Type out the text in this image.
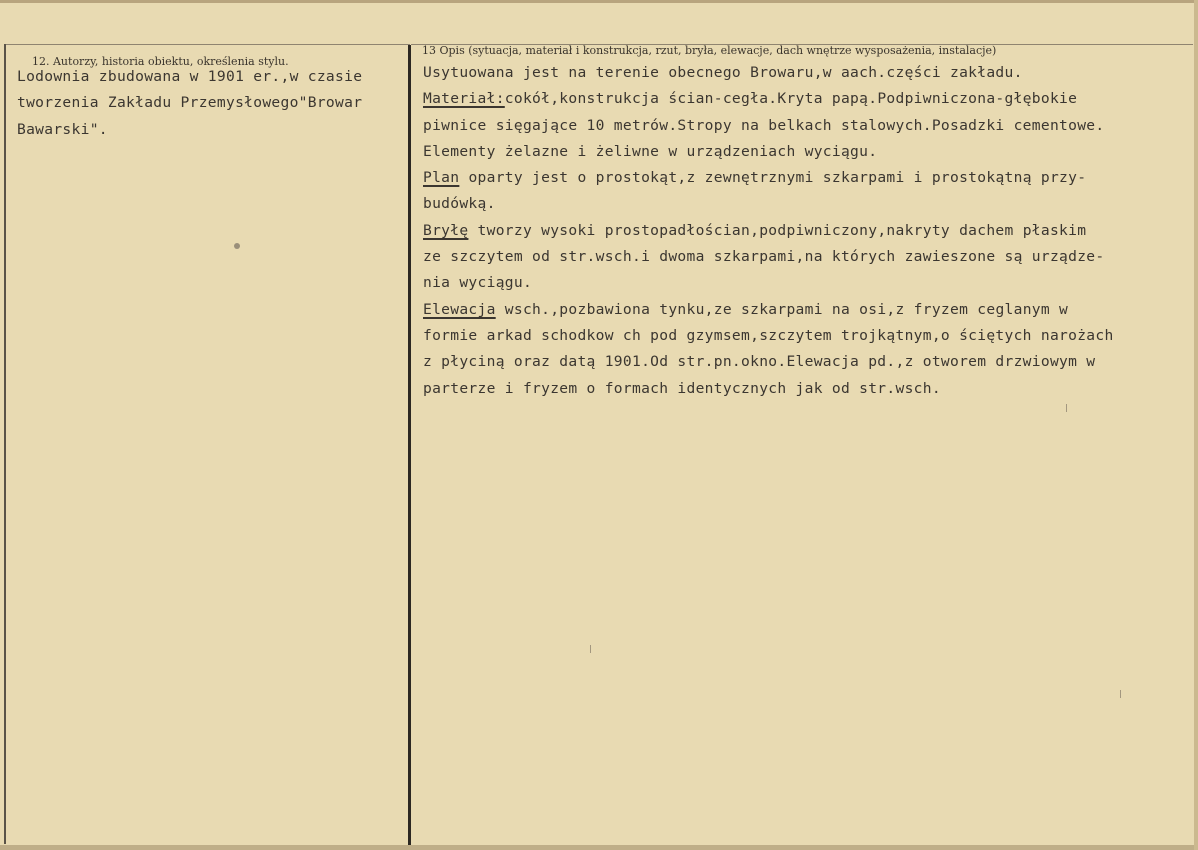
12. Autorzy, historia obiektu, określenia stylu.
13 Opis (sytuacja, materiał i konstrukcja, rzut, bryła, elewacje, dach wnętrze wysposażenia, instalacje)
Lodownia zbudowana w 1901 er.,w czasie
tworzenia Zakładu Przemysłowego"Browar
Bawarski".
Usytuowana jest na terenie obecnego Browaru,w aach.części zakładu.
Materiał:cokół,konstrukcja ścian-cegła.Kryta papą.Podpiwniczona-głębokie
piwnice sięgające 10 metrów.Stropy na belkach stalowych.Posadzki cementowe.
Elementy żelazne i żeliwne w urządzeniach wyciągu.
Plan oparty jest o prostokąt,z zewnętrznymi szkarpami i prostokątną przy-
budówką.
Bryłę tworzy wysoki prostopadłościan,podpiwniczony,nakryty dachem płaskim
ze szczytem od str.wsch.i dwoma szkarpami,na których zawieszone są urządze-
nia wyciągu.
Elewacja wsch.,pozbawiona tynku,ze szkarpami na osi,z fryzem ceglanym w
formie arkad schodkow ch pod gzymsem,szczytem trojkątnym,o ściętych narożach
z płyciną oraz datą 1901.Od str.pn.okno.Elewacja pd.,z otworem drzwiowym w
parterze i fryzem o formach identycznych jak od str.wsch.
